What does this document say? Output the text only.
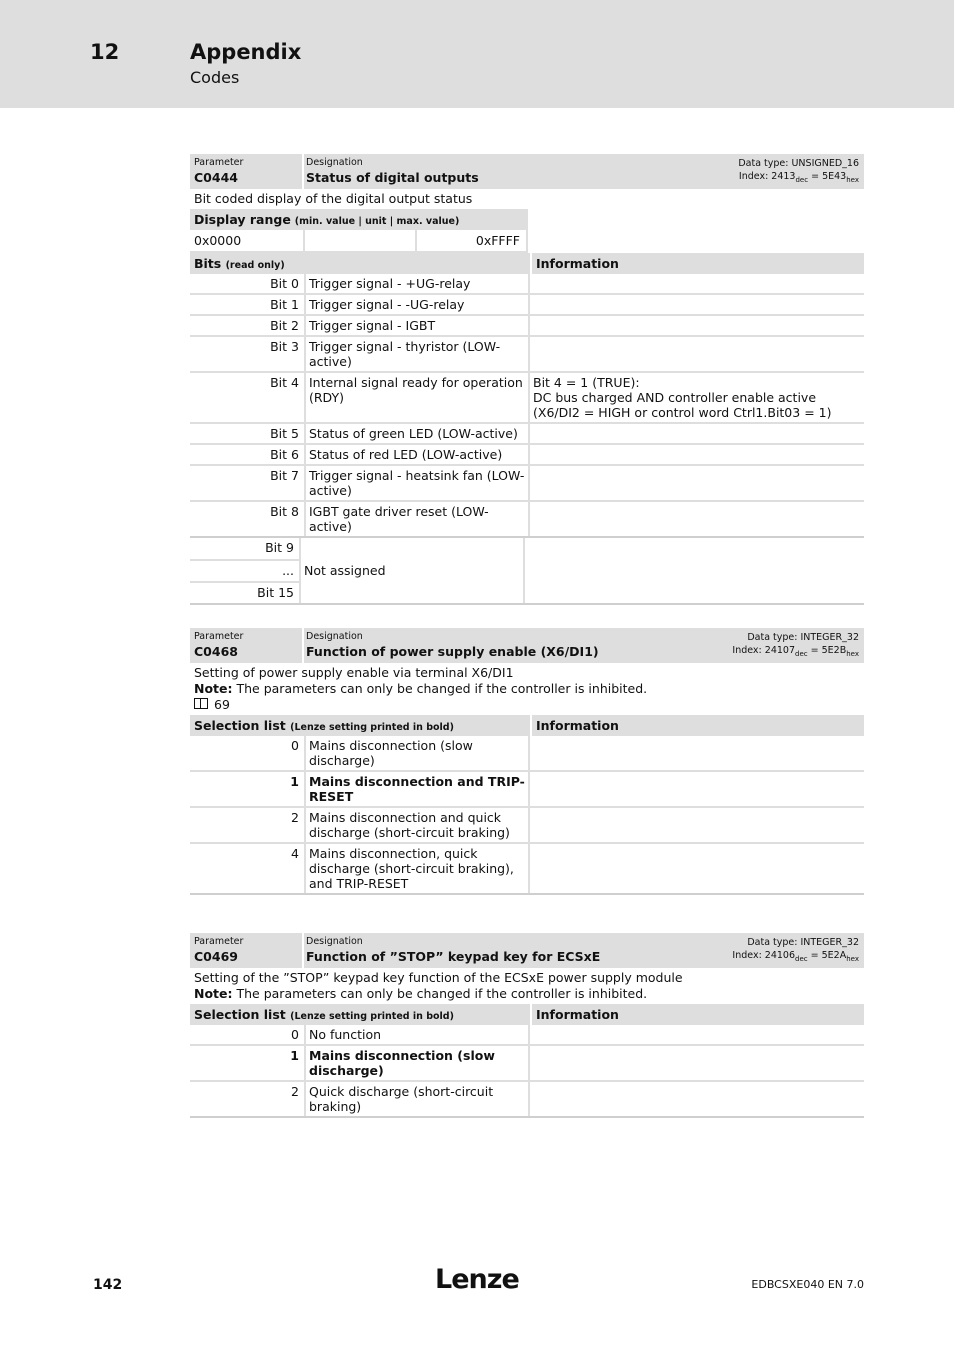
12	Appendix
Codes
Parameter
C0444
Designation
Status of digital outputs
Data type: UNSIGNED_16
Index: $2413_{dec} = 5E43_{hex}$
Bit coded display of the digital output status
Display range (min. value | unit | max. value)
0x0000	0xFFFF
Bits (read only)	Information
Bit 0 Trigger signal - +UG-relay
Bit 1 Trigger signal - -UG-relay
Bit 2 Trigger signal - IGBT
Bit 3 Trigger signal - thyristor (LOW-active)
Bit 4 Internal signal ready for operation (RDY)
Bit 4 = 1 (TRUE):
DC bus charged AND controller enable active (X6/DI2 = HIGH or control word Ctrl1.Bit03 = 1)
Bit 5 Status of green LED (LOW-active)
Bit 6 Status of red LED (LOW-active)
Bit 7 Trigger signal - heatsink fan (LOW-active)
Bit 8 IGBT gate driver reset (LOW-active)
Bit 9
...
Bit 15
Not assigned
Parameter
C0468
Designation
Function of power supply enable (X6/DI1)
Data type: INTEGER_32
Index: $24107_{dec} = 5E2B_{hex}$
Setting of power supply enable via terminal X6/DI1
Note: The parameters can only be changed if the controller is inhibited.
69
Selection list (Lenze setting printed in bold)	Information
0 Mains disconnection (slow discharge)
1 Mains disconnection and TRIP-RESET
2 Mains disconnection and quick discharge (short-circuit braking)
4 Mains disconnection, quick discharge (short-circuit braking), and TRIP-RESET
Parameter
C0469
Designation
Function of ”STOP” keypad key for ECSxE
Data type: INTEGER_32
Index: $24106_{dec} = 5E2A_{hex}$
Setting of the ”STOP” keypad key function of the ECSxE power supply module
Note: The parameters can only be changed if the controller is inhibited.
Selection list (Lenze setting printed in bold)	Information
0 No function
1 Mains disconnection (slow discharge)
2 Quick discharge (short-circuit braking)
142	Lenze	EDBCSXE040 EN 7.0
